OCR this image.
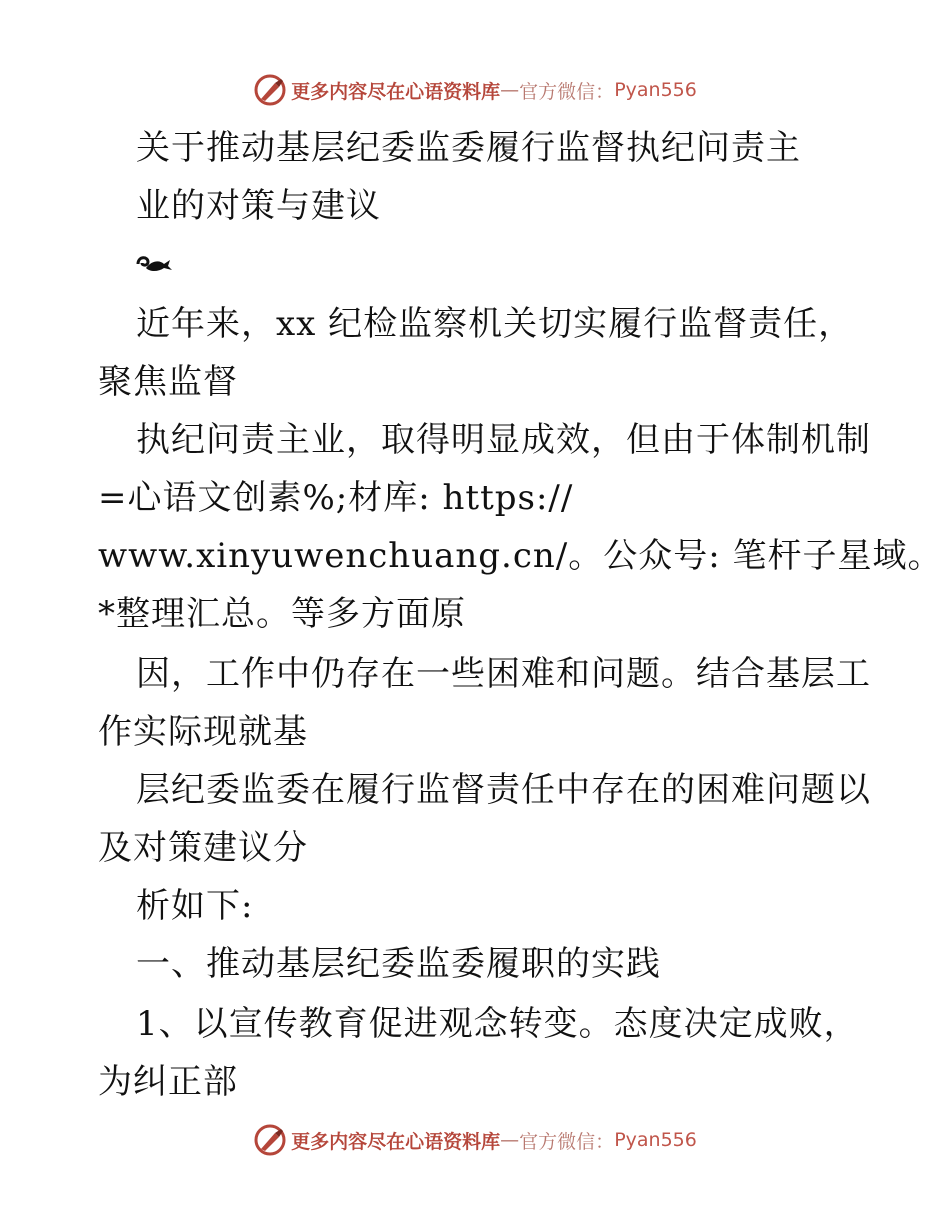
更多内容尽在心语资料库 — 官方微信： Pyan556

关于推动基层纪委监委履行监督执纪问责主

业的对策与建议

近年来，xx 纪检监察机关切实履行监督责任，

聚焦监督

执纪问责主业，取得明显成效，但由于体制机制

=心语文创素%;材库: https://

www.xinyuwenchuang.cn/。公众号: 笔杆子星域。

*整理汇总。等多方面原

因，工作中仍存在一些困难和问题。结合基层工

作实际现就基

层纪委监委在履行监督责任中存在的困难问题以

及对策建议分

析如下:

一、推动基层纪委监委履职的实践

1、以宣传教育促进观念转变。态度决定成败，

为纠正部

更多内容尽在心语资料库 — 官方微信： Pyan556
